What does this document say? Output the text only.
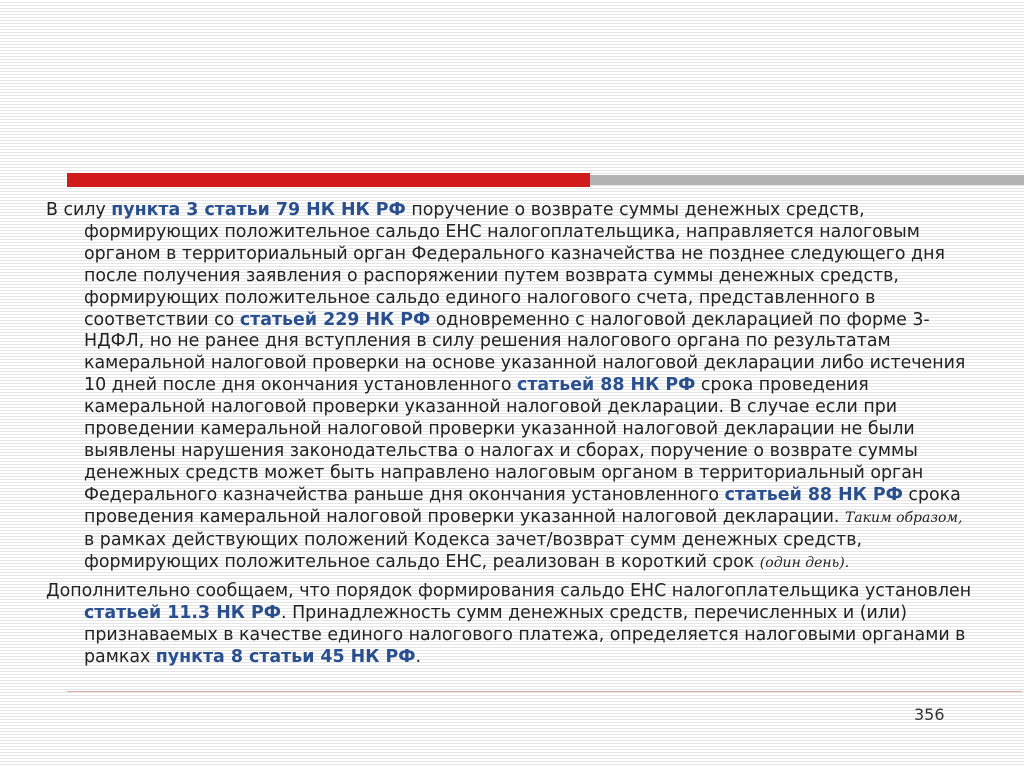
В силу пункта 3 статьи 79 НК НК РФ поручение о возврате суммы денежных средств,
формирующих положительное сальдо ЕНС налогоплательщика, направляется налоговым
органом в территориальный орган Федерального казначейства не позднее следующего дня
после получения заявления о распоряжении путем возврата суммы денежных средств,
формирующих положительное сальдо единого налогового счета, представленного в
соответствии со статьей 229 НК РФ одновременно с налоговой декларацией по форме 3-
НДФЛ, но не ранее дня вступления в силу решения налогового органа по результатам
камеральной налоговой проверки на основе указанной налоговой декларации либо истечения
10 дней после дня окончания установленного статьей 88 НК РФ срока проведения
камеральной налоговой проверки указанной налоговой декларации. В случае если при
проведении камеральной налоговой проверки указанной налоговой декларации не были
выявлены нарушения законодательства о налогах и сборах, поручение о возврате суммы
денежных средств может быть направлено налоговым органом в территориальный орган
Федерального казначейства раньше дня окончания установленного статьей 88 НК РФ срока
проведения камеральной налоговой проверки указанной налоговой декларации. Таким образом,
в рамках действующих положений Кодекса зачет/возврат сумм денежных средств,
формирующих положительное сальдо ЕНС, реализован в короткий срок (один день).
Дополнительно сообщаем, что порядок формирования сальдо ЕНС налогоплательщика установлен
статьей 11.3 НК РФ. Принадлежность сумм денежных средств, перечисленных и (или)
признаваемых в качестве единого налогового платежа, определяется налоговыми органами в
рамках пункта 8 статьи 45 НК РФ.
356
